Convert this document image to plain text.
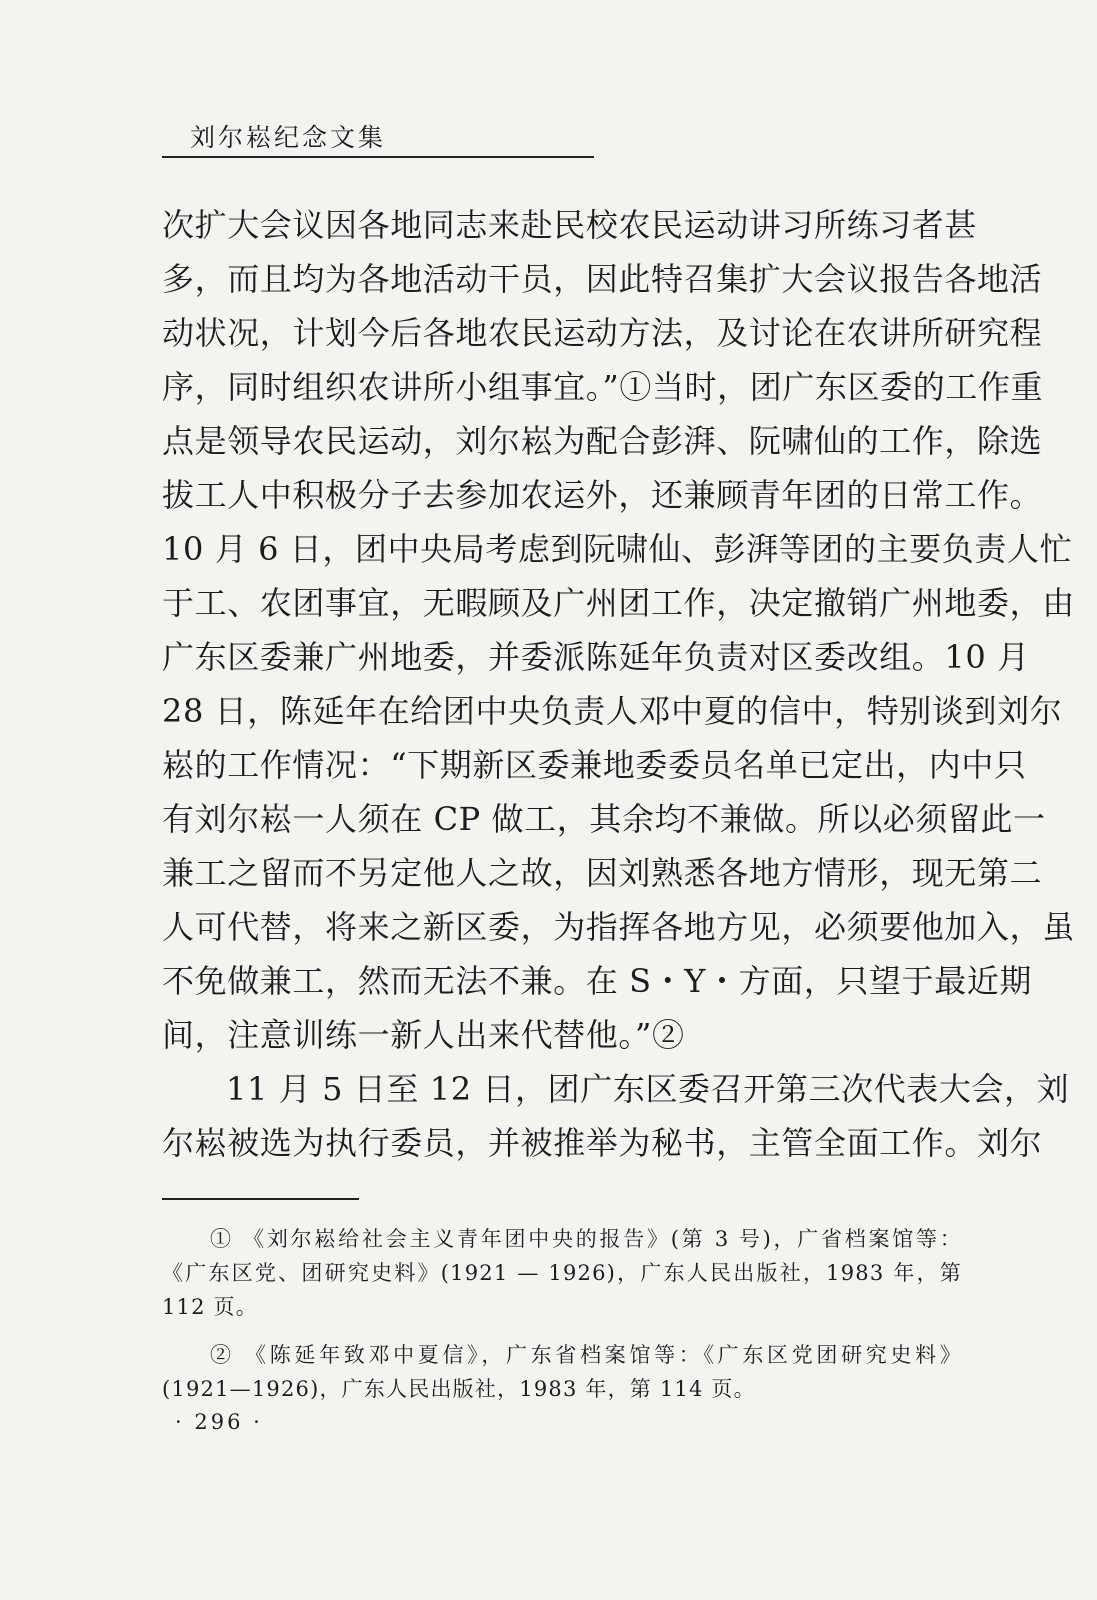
刘尔崧纪念文集
次扩大会议因各地同志来赴民校农民运动讲习所练习者甚
多，而且均为各地活动干员，因此特召集扩大会议报告各地活
动状况，计划今后各地农民运动方法，及讨论在农讲所研究程
序，同时组织农讲所小组事宜。”①当时，团广东区委的工作重
点是领导农民运动，刘尔崧为配合彭湃、阮啸仙的工作，除选
拔工人中积极分子去参加农运外，还兼顾青年团的日常工作。
10 月 6 日，团中央局考虑到阮啸仙、彭湃等团的主要负责人忙
于工、农团事宜，无暇顾及广州团工作，决定撤销广州地委，由
广东区委兼广州地委，并委派陈延年负责对区委改组。10 月
28 日，陈延年在给团中央负责人邓中夏的信中，特别谈到刘尔
崧的工作情况：“下期新区委兼地委委员名单已定出，内中只
有刘尔崧一人须在 CP 做工，其余均不兼做。所以必须留此一
兼工之留而不另定他人之故，因刘熟悉各地方情形，现无第二
人可代替，将来之新区委，为指挥各地方见，必须要他加入，虽
不免做兼工，然而无法不兼。在 S・Y・方面，只望于最近期
间，注意训练一新人出来代替他。”②
11 月 5 日至 12 日，团广东区委召开第三次代表大会，刘
尔崧被选为执行委员，并被推举为秘书，主管全面工作。刘尔
① 《刘尔崧给社会主义青年团中央的报告》(第 3 号)，广省档案馆等：
《广东区党、团研究史料》(1921 — 1926)，广东人民出版社，1983 年，第
112 页。
② 《陈延年致邓中夏信》，广东省档案馆等：《广东区党团研究史料》
(1921—1926)，广东人民出版社，1983 年，第 114 页。
· 296 ·
